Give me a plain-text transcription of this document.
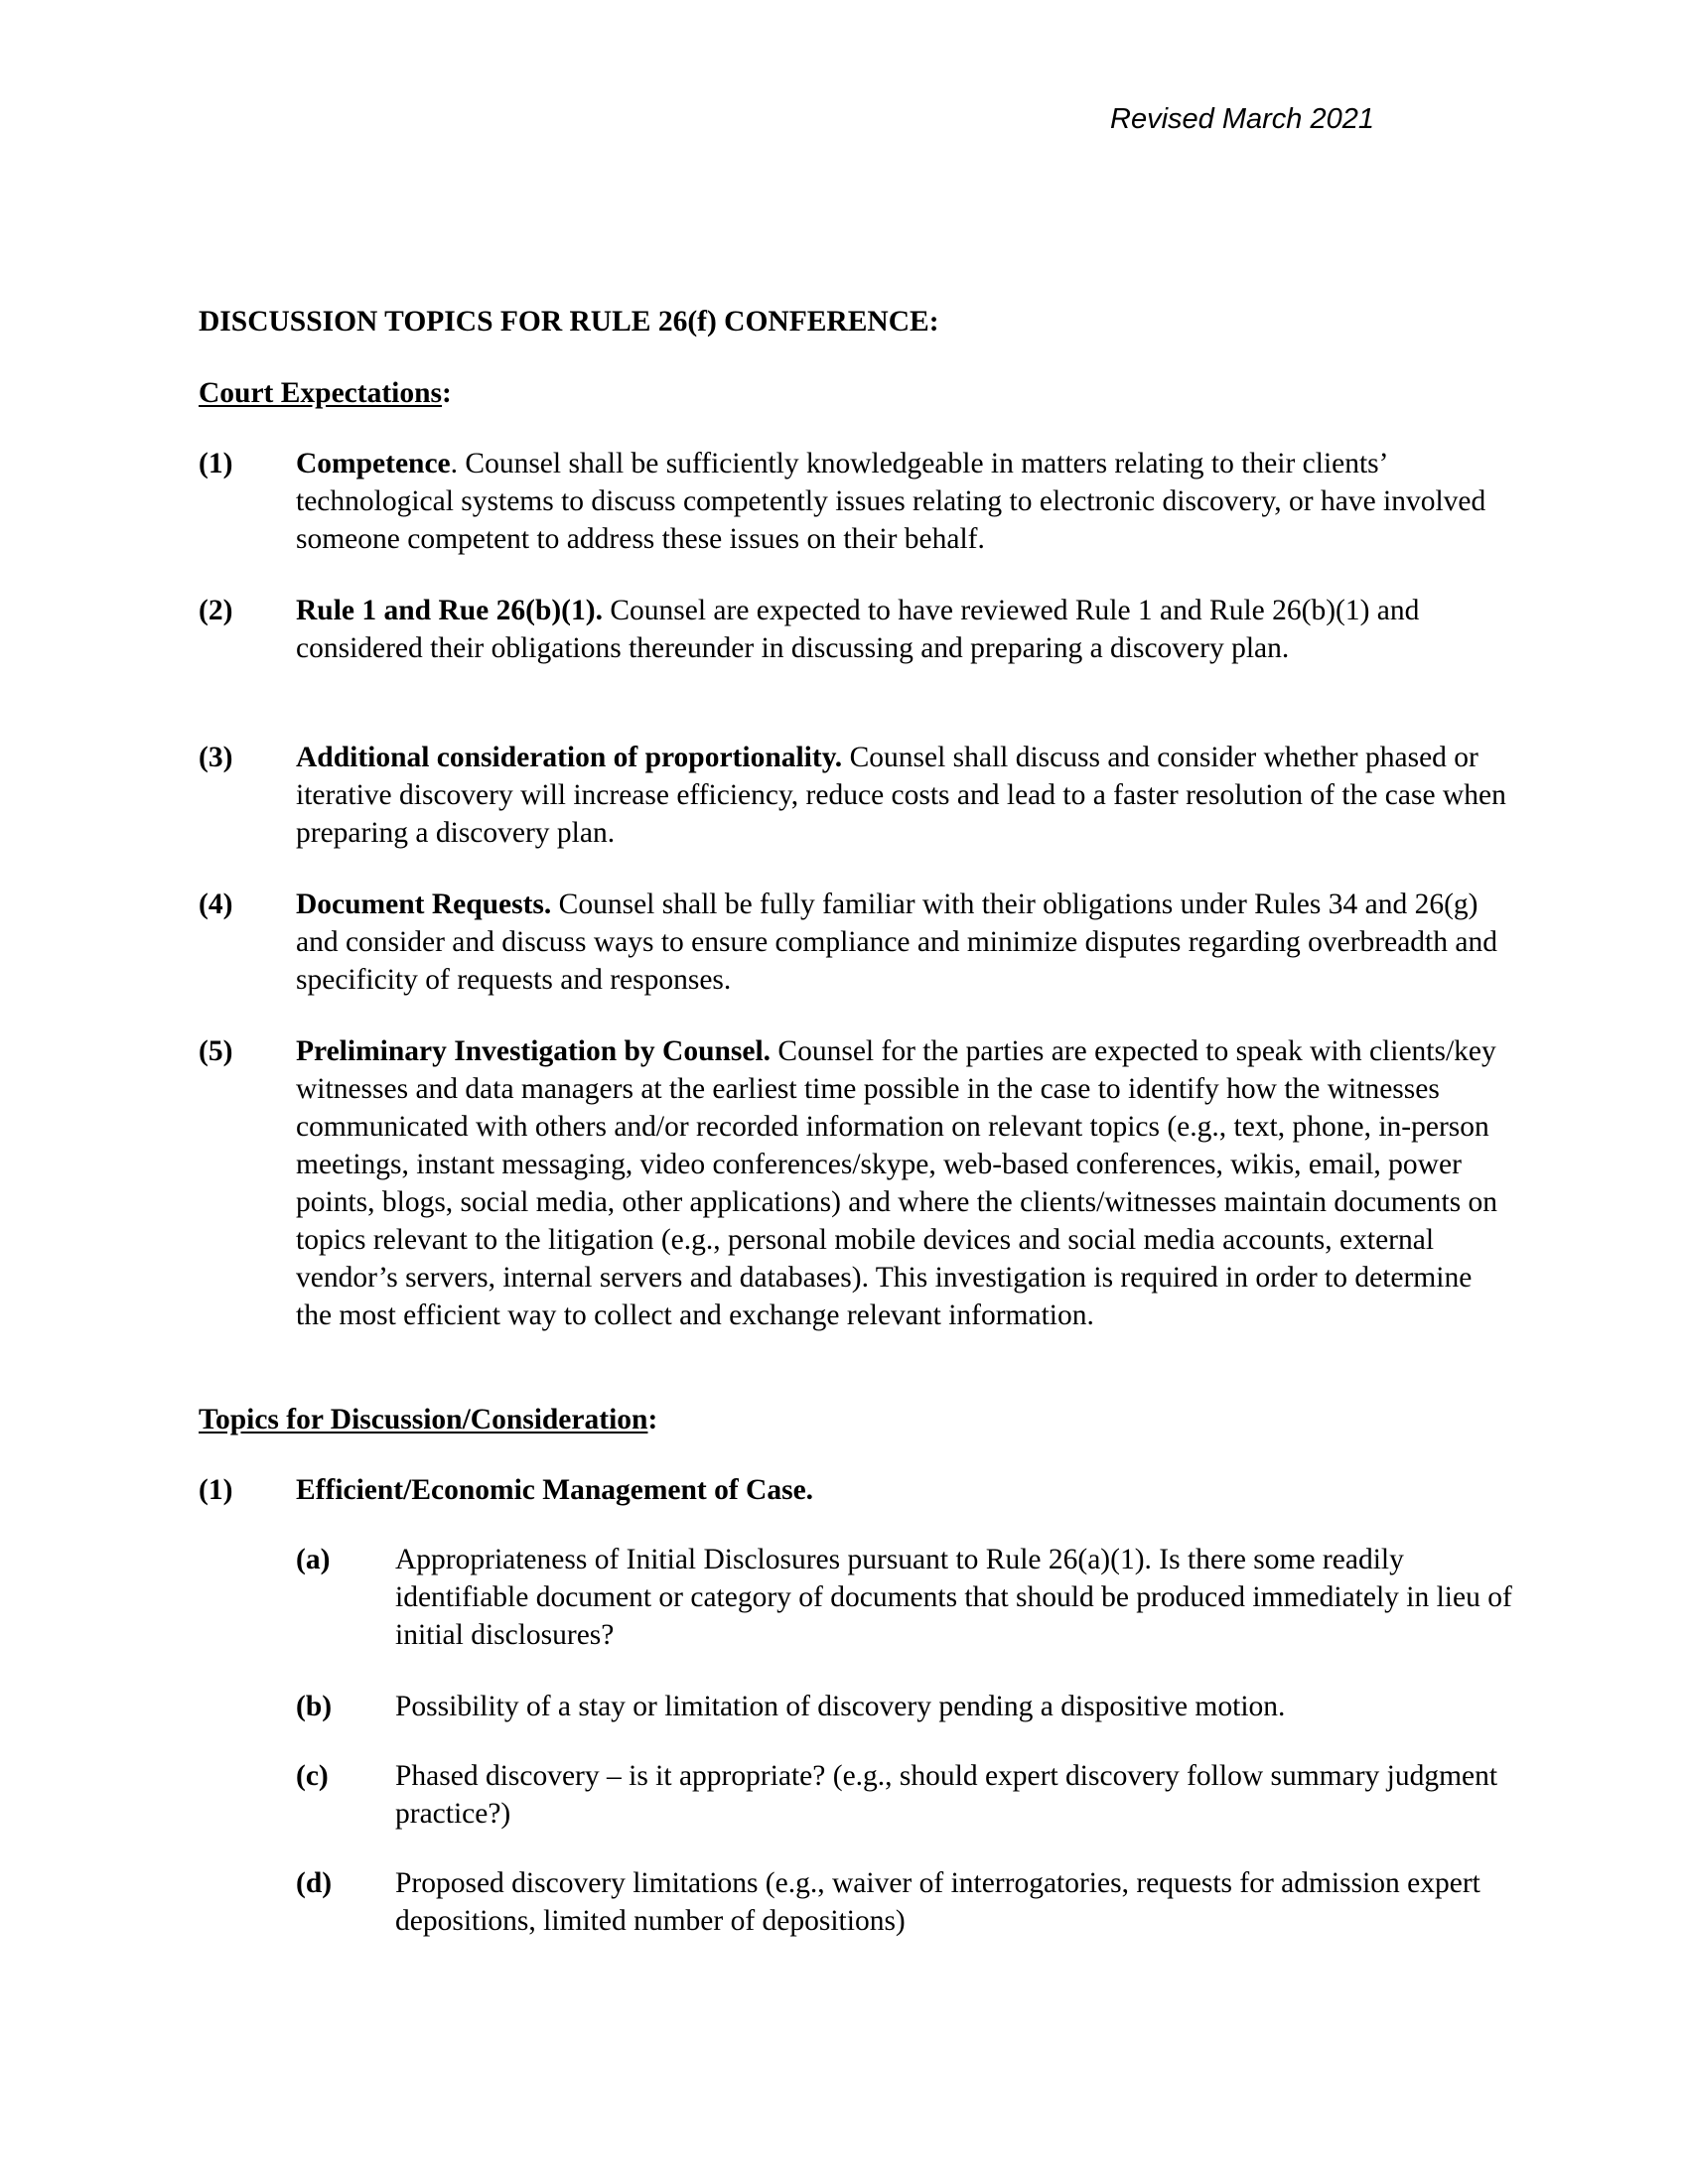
Revised March 2021
DISCUSSION TOPICS FOR RULE 26(f) CONFERENCE:
Court Expectations:
(1) Competence. Counsel shall be sufficiently knowledgeable in matters relating to their clients’ technological systems to discuss competently issues relating to electronic discovery, or have involved someone competent to address these issues on their behalf.
(2) Rule 1 and Rue 26(b)(1). Counsel are expected to have reviewed Rule 1 and Rule 26(b)(1) and considered their obligations thereunder in discussing and preparing a discovery plan.
(3) Additional consideration of proportionality. Counsel shall discuss and consider whether phased or iterative discovery will increase efficiency, reduce costs and lead to a faster resolution of the case when preparing a discovery plan.
(4) Document Requests. Counsel shall be fully familiar with their obligations under Rules 34 and 26(g) and consider and discuss ways to ensure compliance and minimize disputes regarding overbreadth and specificity of requests and responses.
(5) Preliminary Investigation by Counsel. Counsel for the parties are expected to speak with clients/key witnesses and data managers at the earliest time possible in the case to identify how the witnesses communicated with others and/or recorded information on relevant topics (e.g., text, phone, in-person meetings, instant messaging, video conferences/skype, web-based conferences, wikis, email, power points, blogs, social media, other applications) and where the clients/witnesses maintain documents on topics relevant to the litigation (e.g., personal mobile devices and social media accounts, external vendor’s servers, internal servers and databases). This investigation is required in order to determine the most efficient way to collect and exchange relevant information.
Topics for Discussion/Consideration:
(1) Efficient/Economic Management of Case.
(a) Appropriateness of Initial Disclosures pursuant to Rule 26(a)(1). Is there some readily identifiable document or category of documents that should be produced immediately in lieu of initial disclosures?
(b) Possibility of a stay or limitation of discovery pending a dispositive motion.
(c) Phased discovery – is it appropriate? (e.g., should expert discovery follow summary judgment practice?)
(d) Proposed discovery limitations (e.g., waiver of interrogatories, requests for admission expert depositions, limited number of depositions)
